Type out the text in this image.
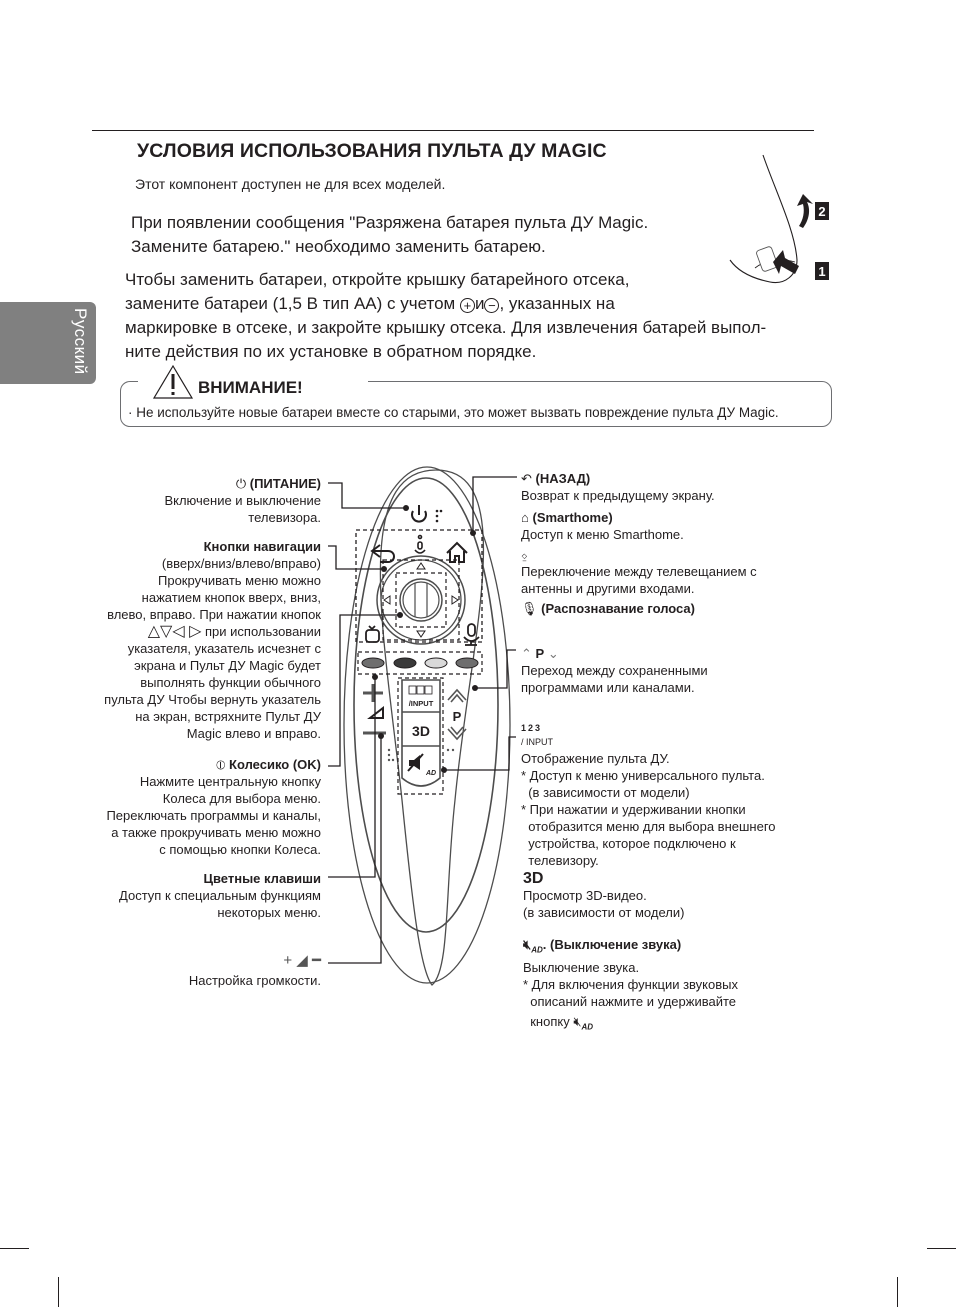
Русский
УСЛОВИЯ ИСПОЛЬЗОВАНИЯ ПУЛЬТА ДУ MAGIC
Этот компонент доступен не для всех моделей.
При появлении сообщения "Разряжена батарея пульта ДУ Magic.
Замените батарею." необходимо заменить батарею.
Чтобы заменить батареи, откройте крышку батарейного отсека,
замените батареи (1,5 В тип АА) с учетом + и − , указанных на
маркировке в отсеке, и закройте крышку отсека. Для извлечения батарей выпол-
ните действия по их установке в обратном порядке.
2
1
ВНИМАНИЕ!
· Не используйте новые батареи вместе со старыми, это может вызвать повреждение пульта ДУ Magic.
/INPUT
3D
AD
P
⏻ (ПИТАНИЕ)
Включение и выключение
телевизора.
Кнопки навигации
(вверх/вниз/влево/вправо)
Прокручивать меню можно
нажатием кнопок вверх, вниз,
влево, вправо. При нажатии кнопок
△▽◁ ▷ при использовании
указателя, указатель исчезнет с
экрана и Пульт ДУ Magic будет
выполнять функции обычного
пульта ДУ Чтобы вернуть указатель
на экран, встряхните Пульт ДУ
Magic влево и вправо.
⦶ Колесико (OK)
Нажмите центральную кнопку
Колеса для выбора меню.
Переключать программы и каналы,
а также прокручивать меню можно
с помощью кнопки Колеса.
Цветные клавиши
Доступ к специальным функциям
некоторых меню.
+ ◢ ━
Настройка громкости.
↶ (НАЗАД)
Возврат к предыдущему экрану.
⌂ (Smarthome)
Доступ к меню Smarthome.
⍚
Переключение между телевещанием с
антенны и другими входами.
🎙︎ (Распознавание голоса)
⌃ P ⌄
Переход между сохраненными
программами или каналами.
123
/ INPUT
Отображение пульта ДУ.
* Доступ к меню универсального пульта.
(в зависимости от модели)
* При нажатии и удерживании кнопки
отобразится меню для выбора внешнего
устройства, которое подключено к
телевизору.
3D
Просмотр 3D-видео.
(в зависимости от модели)
$🔇︎_{AD}$. (Выключение звука)
Выключение звука.
* Для включения функции звуковых
описаний нажмите и удерживайте
кнопку $🔇︎_{AD}$
